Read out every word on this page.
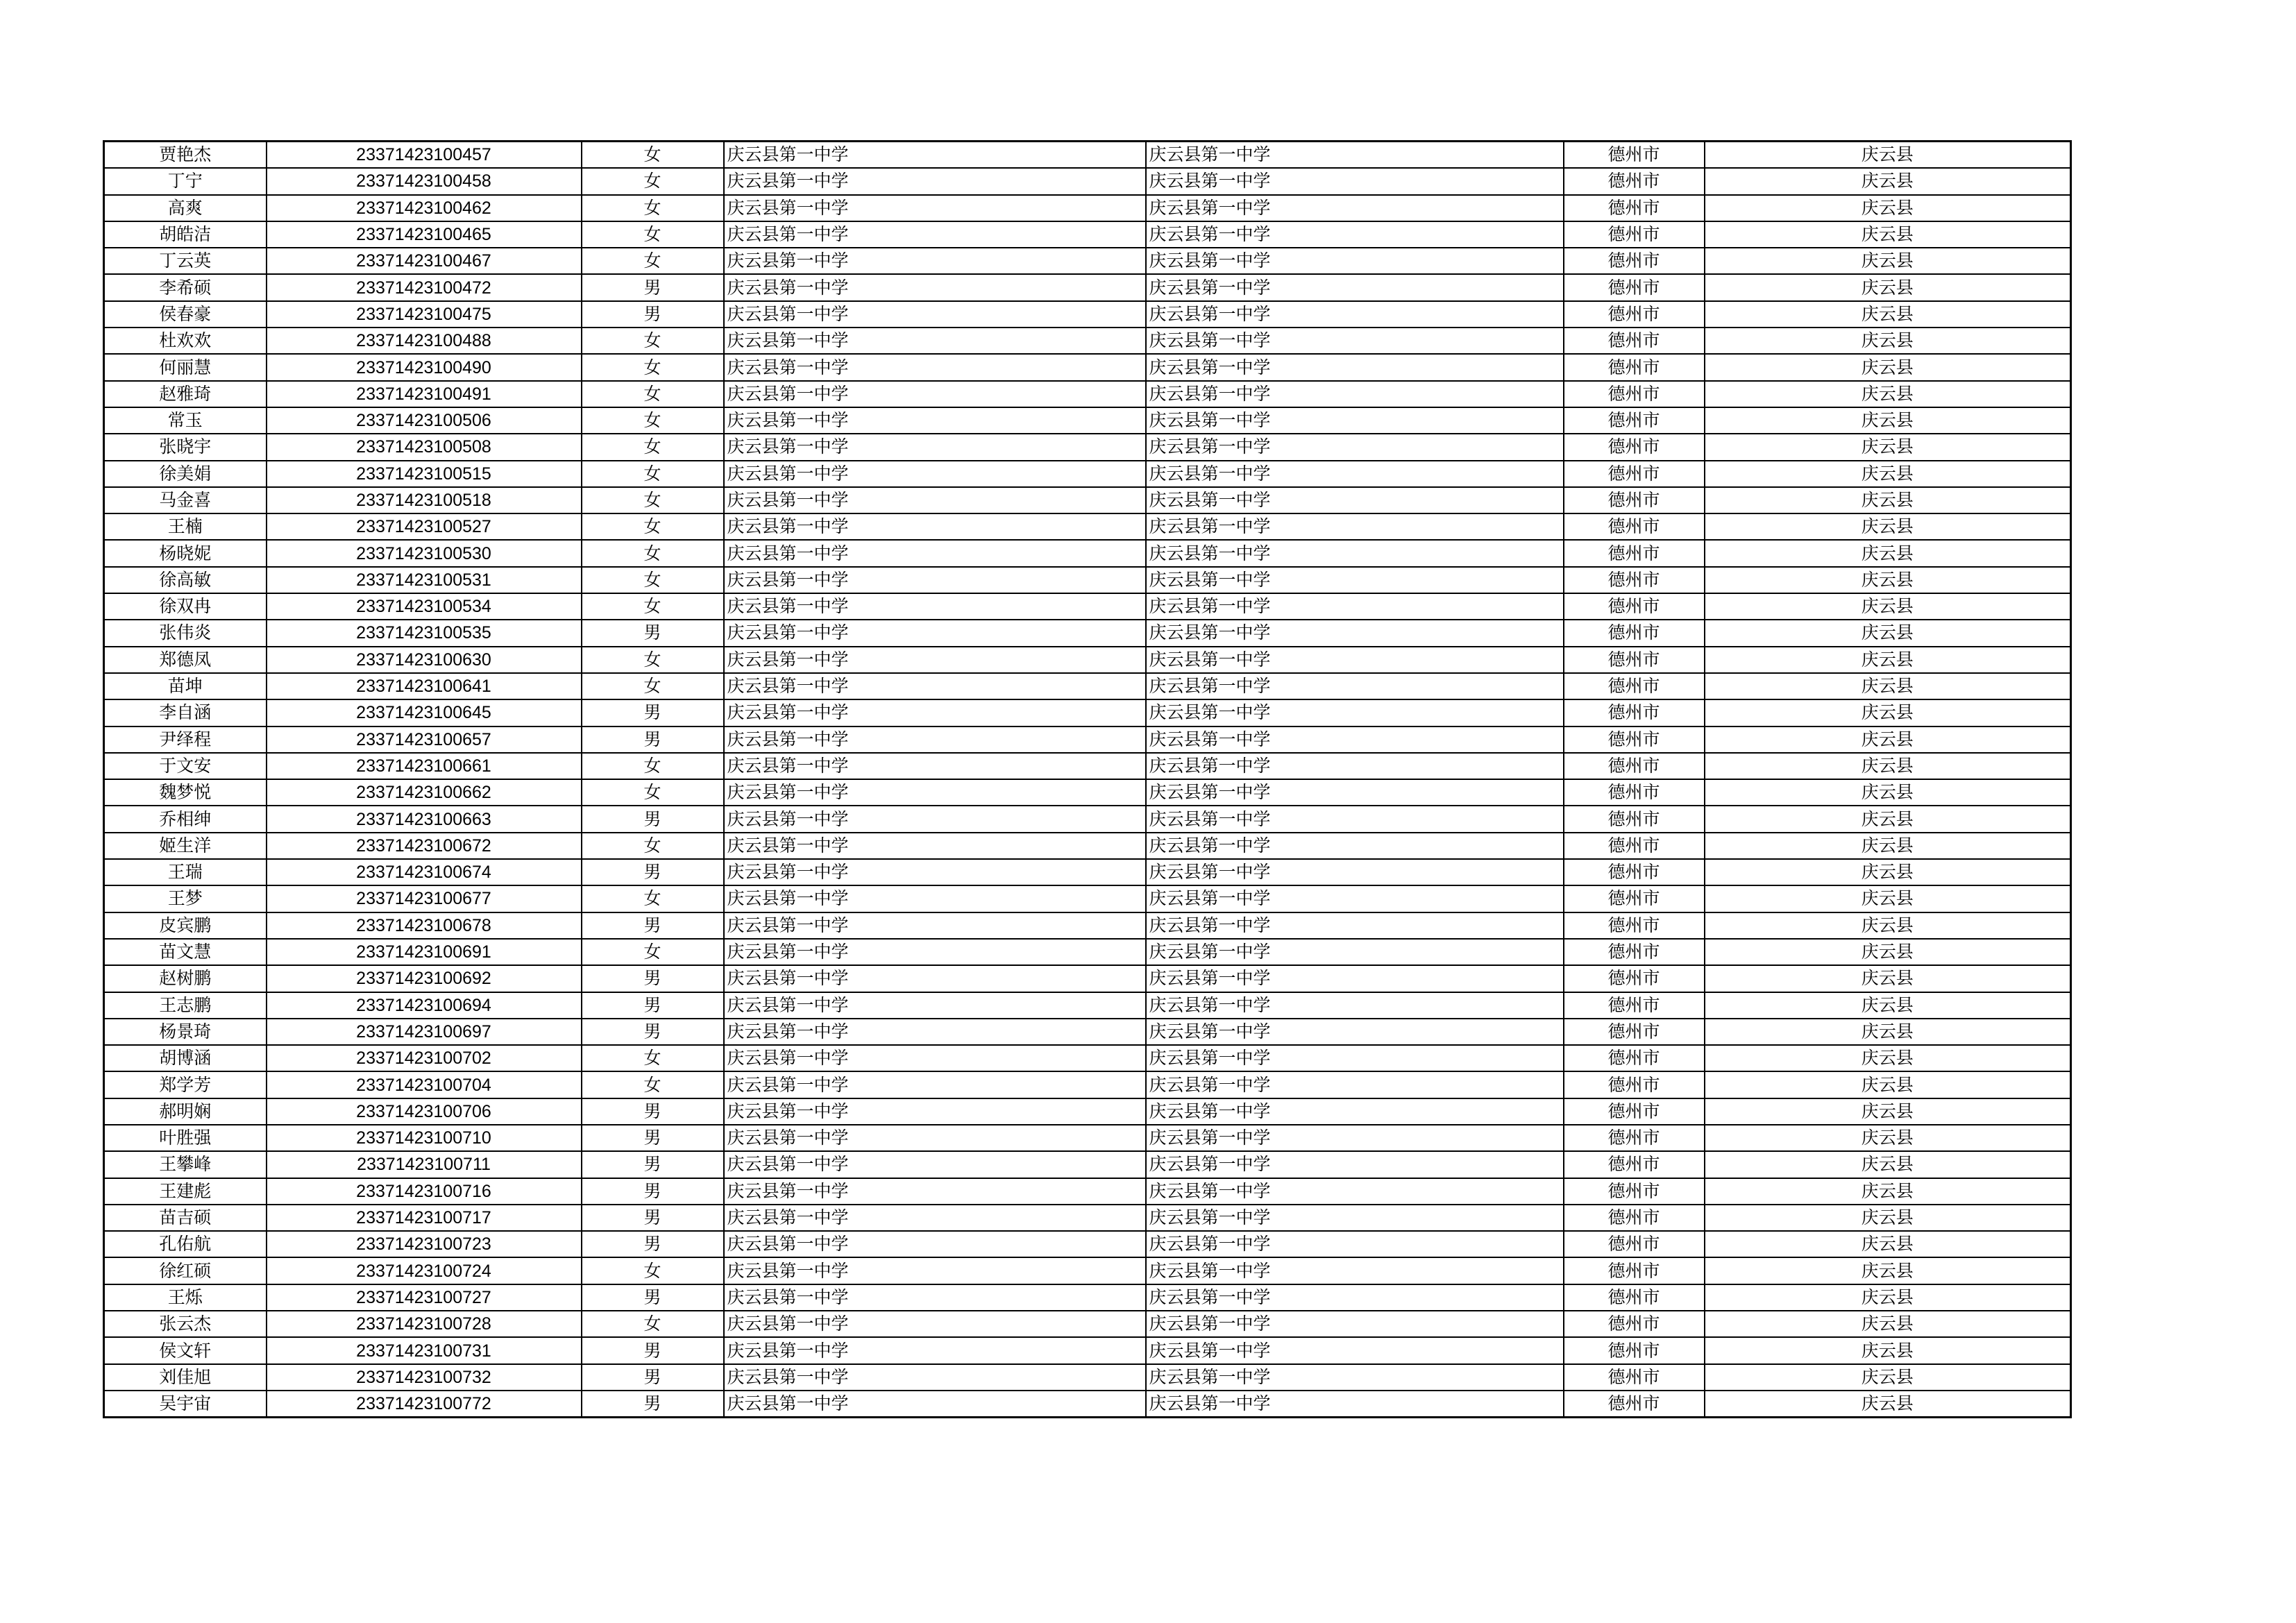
贾艳杰	23371423100457	女	庆云县第一中学	庆云县第一中学	德州市	庆云县
丁宁	23371423100458	女	庆云县第一中学	庆云县第一中学	德州市	庆云县
高爽	23371423100462	女	庆云县第一中学	庆云县第一中学	德州市	庆云县
胡皓洁	23371423100465	女	庆云县第一中学	庆云县第一中学	德州市	庆云县
丁云英	23371423100467	女	庆云县第一中学	庆云县第一中学	德州市	庆云县
李希硕	23371423100472	男	庆云县第一中学	庆云县第一中学	德州市	庆云县
侯春豪	23371423100475	男	庆云县第一中学	庆云县第一中学	德州市	庆云县
杜欢欢	23371423100488	女	庆云县第一中学	庆云县第一中学	德州市	庆云县
何丽慧	23371423100490	女	庆云县第一中学	庆云县第一中学	德州市	庆云县
赵雅琦	23371423100491	女	庆云县第一中学	庆云县第一中学	德州市	庆云县
常玉	23371423100506	女	庆云县第一中学	庆云县第一中学	德州市	庆云县
张晓宇	23371423100508	女	庆云县第一中学	庆云县第一中学	德州市	庆云县
徐美娟	23371423100515	女	庆云县第一中学	庆云县第一中学	德州市	庆云县
马金喜	23371423100518	女	庆云县第一中学	庆云县第一中学	德州市	庆云县
王楠	23371423100527	女	庆云县第一中学	庆云县第一中学	德州市	庆云县
杨晓妮	23371423100530	女	庆云县第一中学	庆云县第一中学	德州市	庆云县
徐高敏	23371423100531	女	庆云县第一中学	庆云县第一中学	德州市	庆云县
徐双冉	23371423100534	女	庆云县第一中学	庆云县第一中学	德州市	庆云县
张伟炎	23371423100535	男	庆云县第一中学	庆云县第一中学	德州市	庆云县
郑德凤	23371423100630	女	庆云县第一中学	庆云县第一中学	德州市	庆云县
苗坤	23371423100641	女	庆云县第一中学	庆云县第一中学	德州市	庆云县
李自涵	23371423100645	男	庆云县第一中学	庆云县第一中学	德州市	庆云县
尹绎程	23371423100657	男	庆云县第一中学	庆云县第一中学	德州市	庆云县
于文安	23371423100661	女	庆云县第一中学	庆云县第一中学	德州市	庆云县
魏梦悦	23371423100662	女	庆云县第一中学	庆云县第一中学	德州市	庆云县
乔相绅	23371423100663	男	庆云县第一中学	庆云县第一中学	德州市	庆云县
姬生洋	23371423100672	女	庆云县第一中学	庆云县第一中学	德州市	庆云县
王瑞	23371423100674	男	庆云县第一中学	庆云县第一中学	德州市	庆云县
王梦	23371423100677	女	庆云县第一中学	庆云县第一中学	德州市	庆云县
皮宾鹏	23371423100678	男	庆云县第一中学	庆云县第一中学	德州市	庆云县
苗文慧	23371423100691	女	庆云县第一中学	庆云县第一中学	德州市	庆云县
赵树鹏	23371423100692	男	庆云县第一中学	庆云县第一中学	德州市	庆云县
王志鹏	23371423100694	男	庆云县第一中学	庆云县第一中学	德州市	庆云县
杨景琦	23371423100697	男	庆云县第一中学	庆云县第一中学	德州市	庆云县
胡博涵	23371423100702	女	庆云县第一中学	庆云县第一中学	德州市	庆云县
郑学芳	23371423100704	女	庆云县第一中学	庆云县第一中学	德州市	庆云县
郝明娴	23371423100706	男	庆云县第一中学	庆云县第一中学	德州市	庆云县
叶胜强	23371423100710	男	庆云县第一中学	庆云县第一中学	德州市	庆云县
王攀峰	23371423100711	男	庆云县第一中学	庆云县第一中学	德州市	庆云县
王建彪	23371423100716	男	庆云县第一中学	庆云县第一中学	德州市	庆云县
苗吉硕	23371423100717	男	庆云县第一中学	庆云县第一中学	德州市	庆云县
孔佑航	23371423100723	男	庆云县第一中学	庆云县第一中学	德州市	庆云县
徐红硕	23371423100724	女	庆云县第一中学	庆云县第一中学	德州市	庆云县
王烁	23371423100727	男	庆云县第一中学	庆云县第一中学	德州市	庆云县
张云杰	23371423100728	女	庆云县第一中学	庆云县第一中学	德州市	庆云县
侯文轩	23371423100731	男	庆云县第一中学	庆云县第一中学	德州市	庆云县
刘佳旭	23371423100732	男	庆云县第一中学	庆云县第一中学	德州市	庆云县
吴宇宙	23371423100772	男	庆云县第一中学	庆云县第一中学	德州市	庆云县
